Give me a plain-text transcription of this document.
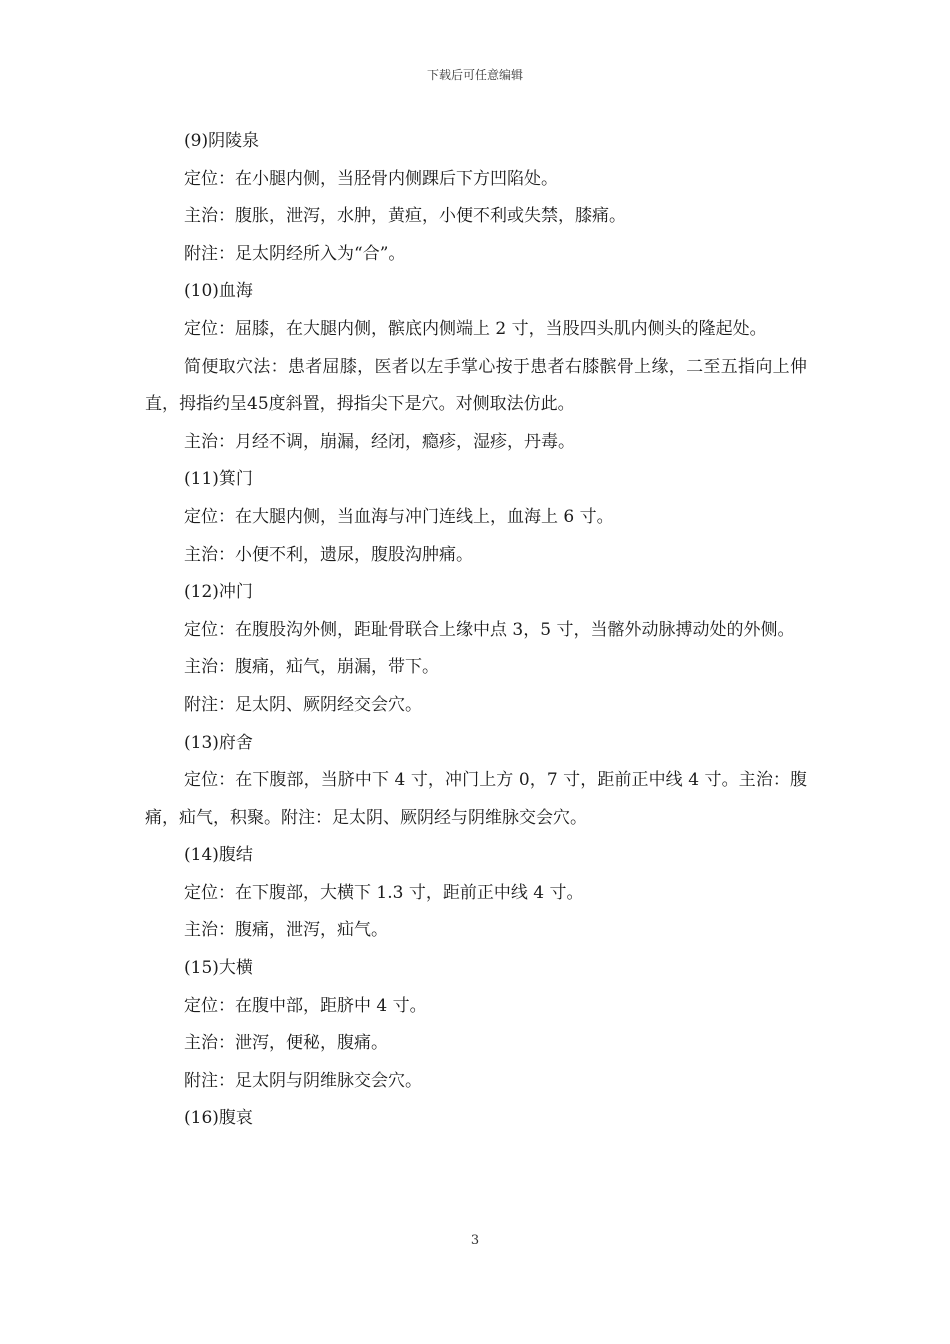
下载后可任意编辑

(9)阴陵泉

定位：在小腿内侧，当胫骨内侧踝后下方凹陷处。

主治：腹胀，泄泻，水肿，黄疸，小便不利或失禁，膝痛。

附注：足太阴经所入为“合”。

(10)血海

定位：屈膝，在大腿内侧，髌底内侧端上 2 寸，当股四头肌内侧头的隆起处。

简便取穴法：患者屈膝，医者以左手掌心按于患者右膝髌骨上缘，二至五指向上伸直，拇指约呈45度斜置，拇指尖下是穴。对侧取法仿此。

主治：月经不调，崩漏，经闭，瘾疹，湿疹，丹毒。

(11)箕门

定位：在大腿内侧，当血海与冲门连线上，血海上 6 寸。

主治：小便不利，遗尿，腹股沟肿痛。

(12)冲门

定位：在腹股沟外侧，距耻骨联合上缘中点 3，5 寸，当髂外动脉搏动处的外侧。

主治：腹痛，疝气，崩漏，带下。

附注：足太阴、厥阴经交会穴。

(13)府舍

定位：在下腹部，当脐中下 4 寸，冲门上方 0，7 寸，距前正中线 4 寸。主治：腹痛，疝气，积聚。附注：足太阴、厥阴经与阴维脉交会穴。

(14)腹结

定位：在下腹部，大横下 1.3 寸，距前正中线 4 寸。

主治：腹痛，泄泻，疝气。

(15)大横

定位：在腹中部，距脐中 4 寸。

主治：泄泻，便秘，腹痛。

附注：足太阴与阴维脉交会穴。

(16)腹哀

3
